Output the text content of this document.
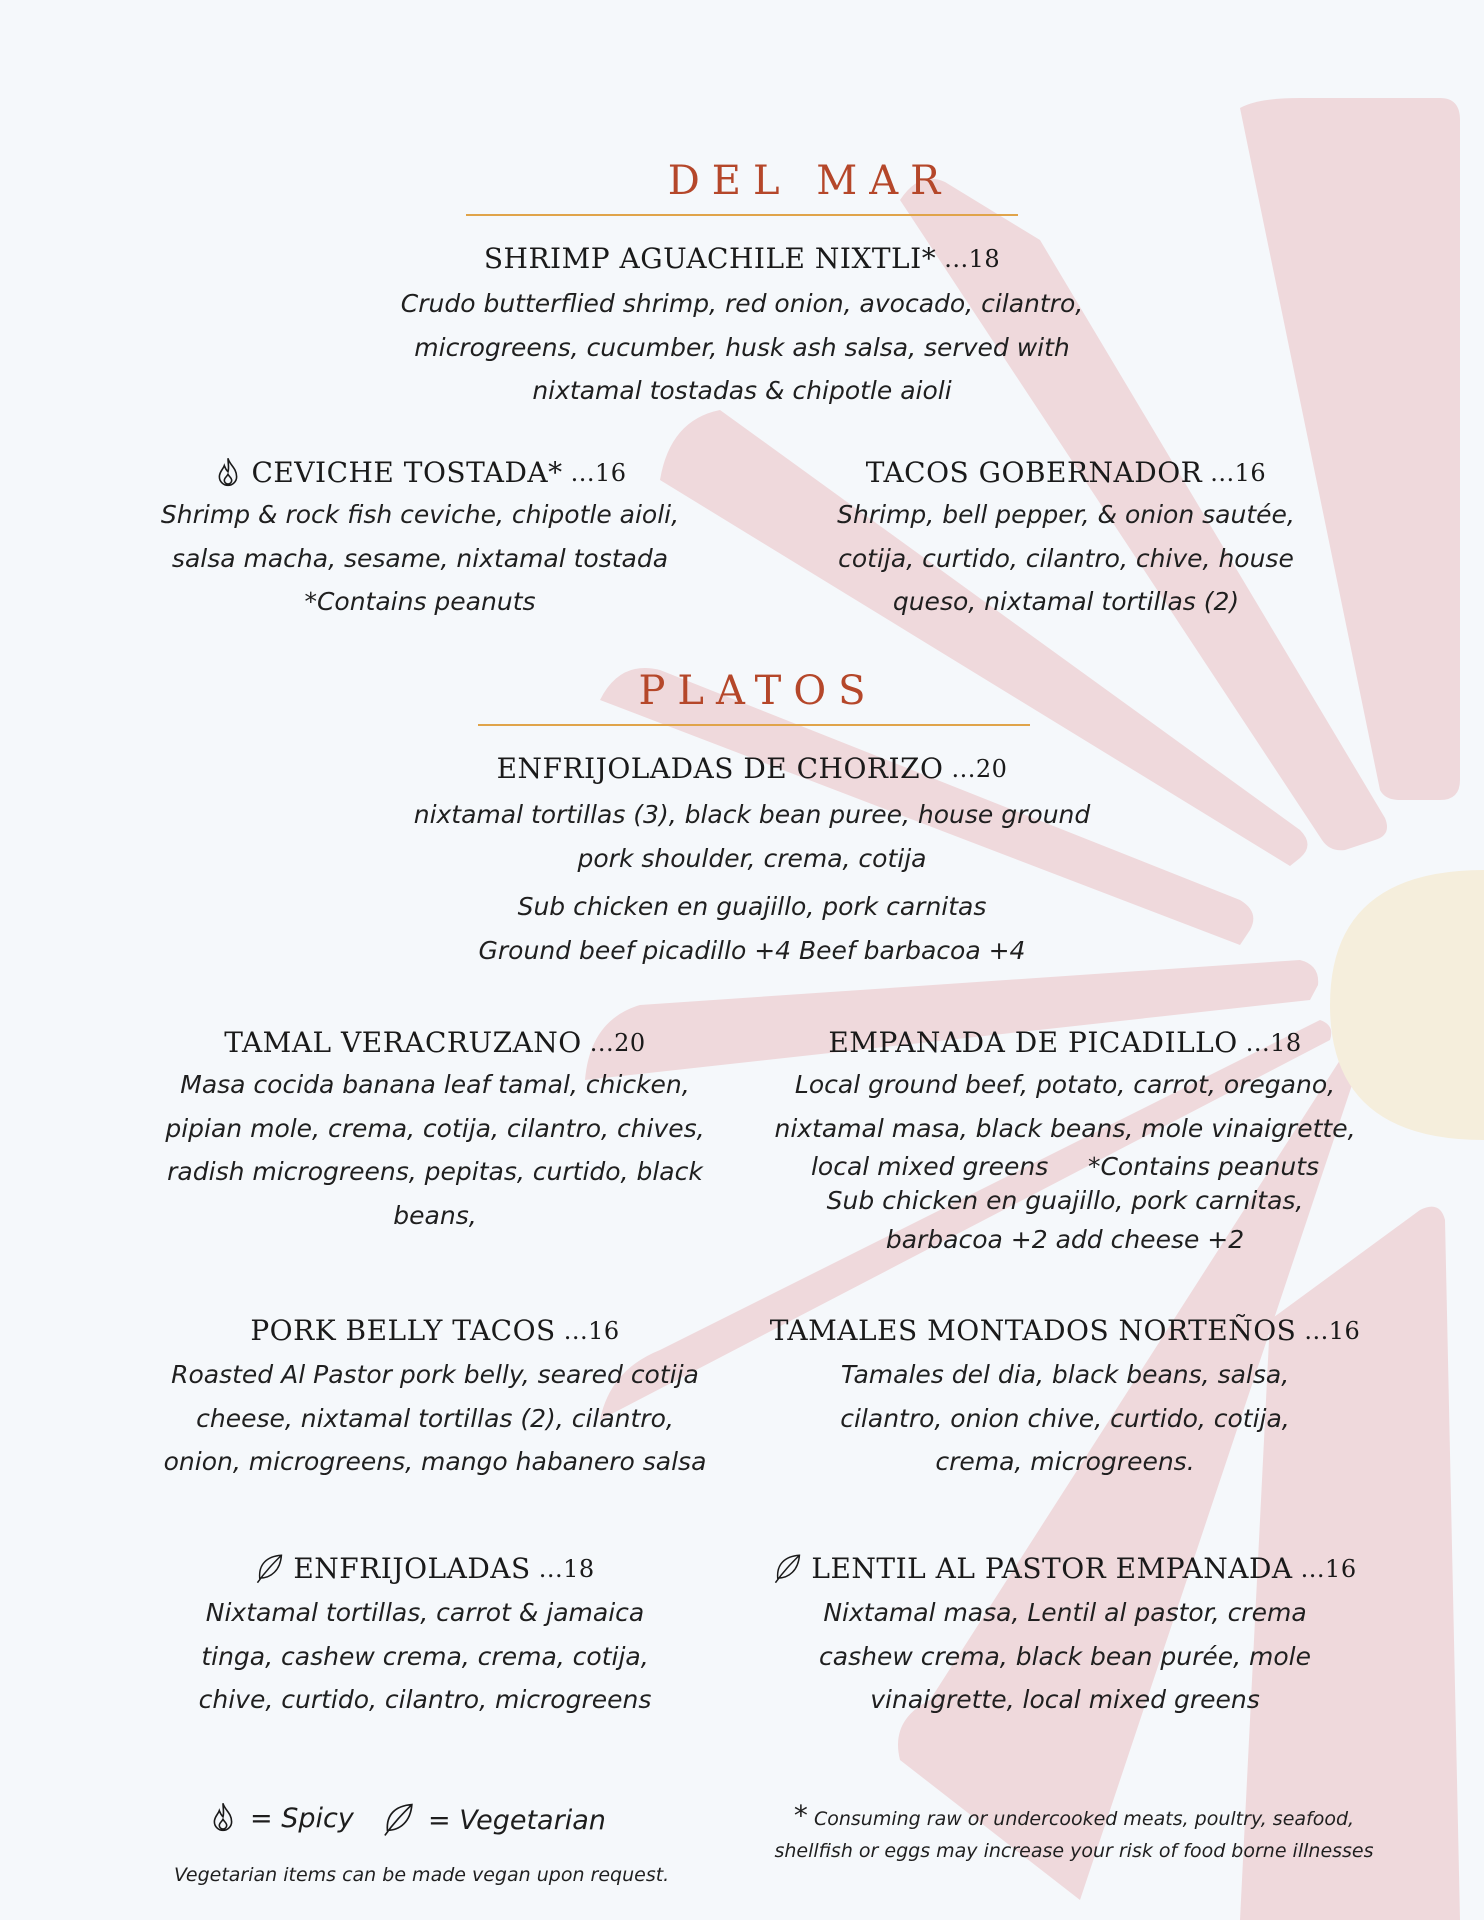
DEL MAR
SHRIMP AGUACHILE NIXTLI* ...18

Crudo butterflied shrimp, red onion, avocado, cilantro,

microgreens, cucumber, husk ash salsa, served with

nixtamal tostadas & chipotle aioli

CEVICHE TOSTADA* ...16

Shrimp & rock fish ceviche, chipotle aioli,

salsa macha, sesame, nixtamal tostada

*Contains peanuts

TACOS GOBERNADOR ...16

Shrimp, bell pepper, & onion sautée,

cotija, curtido, cilantro, chive, house

queso, nixtamal tortillas (2)

PLATOS
ENFRIJOLADAS DE CHORIZO ...20

nixtamal tortillas (3), black bean puree, house ground

pork shoulder, crema, cotija

Sub chicken en guajillo, pork carnitas

Ground beef picadillo +4 Beef barbacoa +4

TAMAL VERACRUZANO ...20

Masa cocida banana leaf tamal, chicken,

pipian mole, crema, cotija, cilantro, chives,

radish microgreens, pepitas, curtido, black

beans,

EMPANADA DE PICADILLO ...18

Local ground beef, potato, carrot, oregano,

nixtamal masa, black beans, mole vinaigrette,

local mixed greens     *Contains peanuts

Sub chicken en guajillo, pork carnitas,

barbacoa +2 add cheese +2

PORK BELLY TACOS ...16

Roasted Al Pastor pork belly, seared cotija

cheese, nixtamal tortillas (2), cilantro,

onion, microgreens, mango habanero salsa

TAMALES MONTADOS NORTEÑOS ...16

Tamales del dia, black beans, salsa,

cilantro, onion chive, curtido, cotija,

crema, microgreens.

ENFRIJOLADAS ...18

Nixtamal tortillas, carrot & jamaica

tinga, cashew crema, crema, cotija,

chive, curtido, cilantro, microgreens

LENTIL AL PASTOR EMPANADA ...16

Nixtamal masa, Lentil al pastor, crema

cashew crema, black bean purée, mole

vinaigrette, local mixed greens

= Spicy	= Vegetarian
Vegetarian items can be made vegan upon request.
* Consuming raw or undercooked meats, poultry, seafood,
shellfish or eggs may increase your risk of food borne illnesses
